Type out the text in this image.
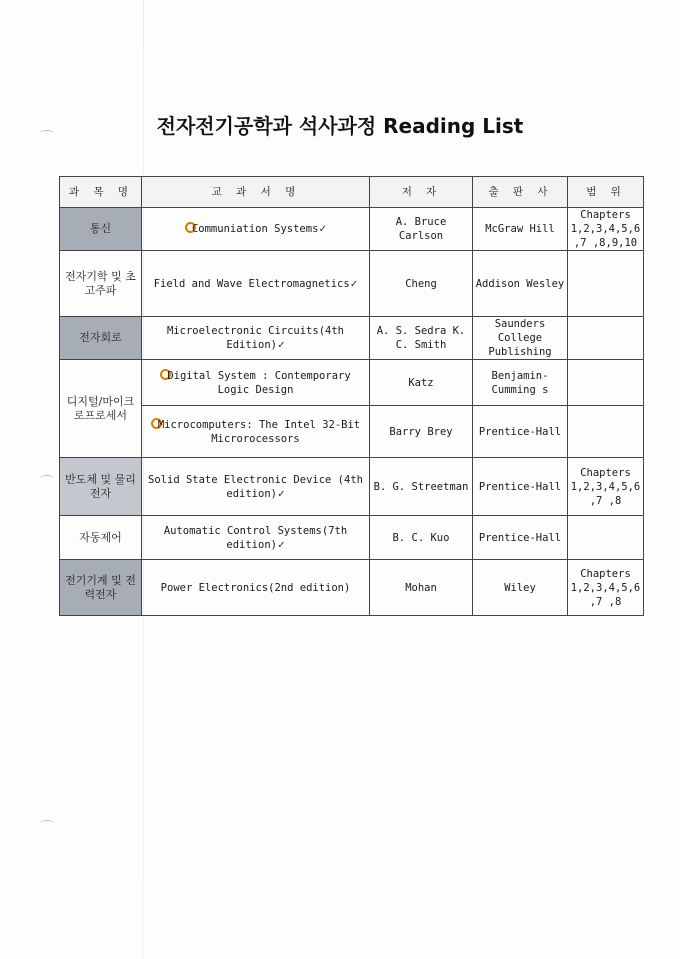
전자전기공학과 석사과정 Reading List
과 목 명	교 과 서 명	저 자	출 판 사	범 위
통신	Communiation Systems✓	A. Bruce Carlson	McGraw Hill	Chapters 1,2,3,4,5,6,7 ,8,9,10
전자기학 및 초고주파	Field and Wave Electromagnetics✓	Cheng	Addison Wesley	
전자회로	Microelectronic Circuits(4th Edition)✓	A. S. Sedra K. C. Smith	Saunders College Publishing	
디지털/마이크로프로세서	Digital System : Contemporary Logic Design	Katz	Benjamin-Cumming s	
	Microcomputers: The Intel 32-Bit Microrocessors	Barry Brey	Prentice-Hall	
반도체 및 물리전자	Solid State Electronic Device (4th edition)✓	B. G. Streetman	Prentice-Hall	Chapters 1,2,3,4,5,6,7 ,8
자동제어	Automatic Control Systems(7th edition)✓	B. C. Kuo	Prentice-Hall	
전기기계 및 전력전자	Power Electronics(2nd edition)	Mohan	Wiley	Chapters 1,2,3,4,5,6,7 ,8
